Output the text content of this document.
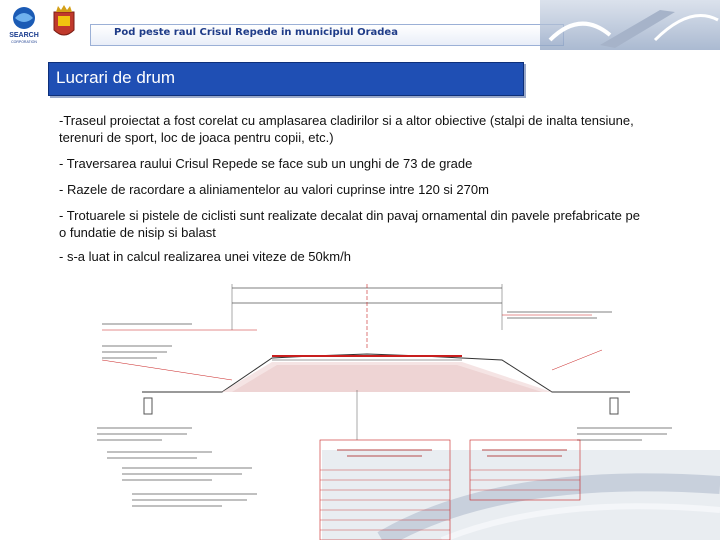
SEARCH
CORPORATION
Pod peste raul Crisul Repede in municipiul Oradea
Lucrari de drum
-Traseul proiectat a fost corelat cu amplasarea cladirilor si a altor obiective (stalpi de inalta tensiune, terenuri de sport, loc de joaca pentru copii, etc.)
- Traversarea raului Crisul Repede se face sub un unghi de 73 de grade
- Razele de racordare a aliniamentelor au valori cuprinse intre 120 si 270m
- Trotuarele si pistele de ciclisti sunt realizate decalat din pavaj ornamental din pavele prefabricate pe o fundatie de nisip si balast
- s-a luat in calcul realizarea unei viteze de 50km/h
